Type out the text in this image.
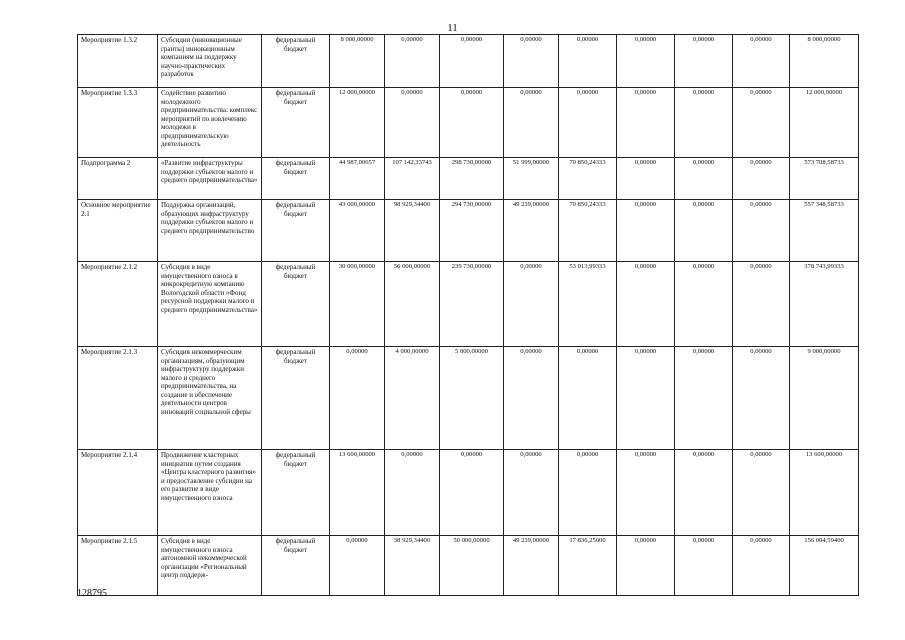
11
Мероприятие 1.3.2	Субсидии (инновационные гранты) инновационным компаниям на поддержку научно-практических разработок	федеральный бюджет	8 000,00000	0,00000	0,00000	0,00000	0,00000	0,00000	0,00000	0,00000	8 000,00000
Мероприятие 1.3.3	Содействие развитию молодежного предпринимательства: комплекс мероприятий по вовлечению молодежи в предпринимательскую деятельность	федеральный бюджет	12 000,00000	0,00000	0,00000	0,00000	0,00000	0,00000	0,00000	0,00000	12 000,00000
Подпрограмма 2	«Развитие инфраструктуры поддержки субъектов малого и среднего предпринимательства»	федеральный бюджет	44 987,00657	107 142,33743	298 730,00000	51 999,00000	70 850,24333	0,00000	0,00000	0,00000	573 708,58733
Основное мероприятие 2.1	Поддержка организаций, образующих инфраструктуру поддержки субъектов малого и среднего предпринимательство	федеральный бюджет	43 600,00000	98 929,34400	294 730,00000	49 239,00000	70 850,24333	0,00000	0,00000	0,00000	557 348,58733
Мероприятие 2.1.2	Субсидия в виде имущественного взноса в микрокредитную компанию Вологодской области «Фонд ресурсной поддержки малого и среднего предпринимательства»	федеральный бюджет	30 000,00000	56 000,00000	239 730,00000	0,00000	53 013,99333	0,00000	0,00000	0,00000	378 743,99333
Мероприятие 2.1.3	Субсидия некоммерческим организациям, образующим инфраструктуру поддержки малого и среднего предпринимательства, на создание и обеспечение деятельности центров инноваций социальной сферы	федеральный бюджет	0,00000	4 000,00000	5 000,00000	0,00000	0,00000	0,00000	0,00000	0,00000	9 000,00000
Мероприятие 2.1.4	Продвижение кластерных инициатив путем создания «Центра кластерного развития» и предоставление субсидии на его развитие в виде имущественного взноса	федеральный бюджет	13 600,00000	0,00000	0,00000	0,00000	0,00000	0,00000	0,00000	0,00000	13 600,00000
Мероприятие 2.1.5	Субсидия в виде имущественного взноса автономной некоммерческой организации «Региональный центр поддерж-	федеральный бюджет	0,00000	38 929,34400	50 000,00000	49 239,00000	17 836,25000	0,00000	0,00000	0,00000	156 004,59400
128795
